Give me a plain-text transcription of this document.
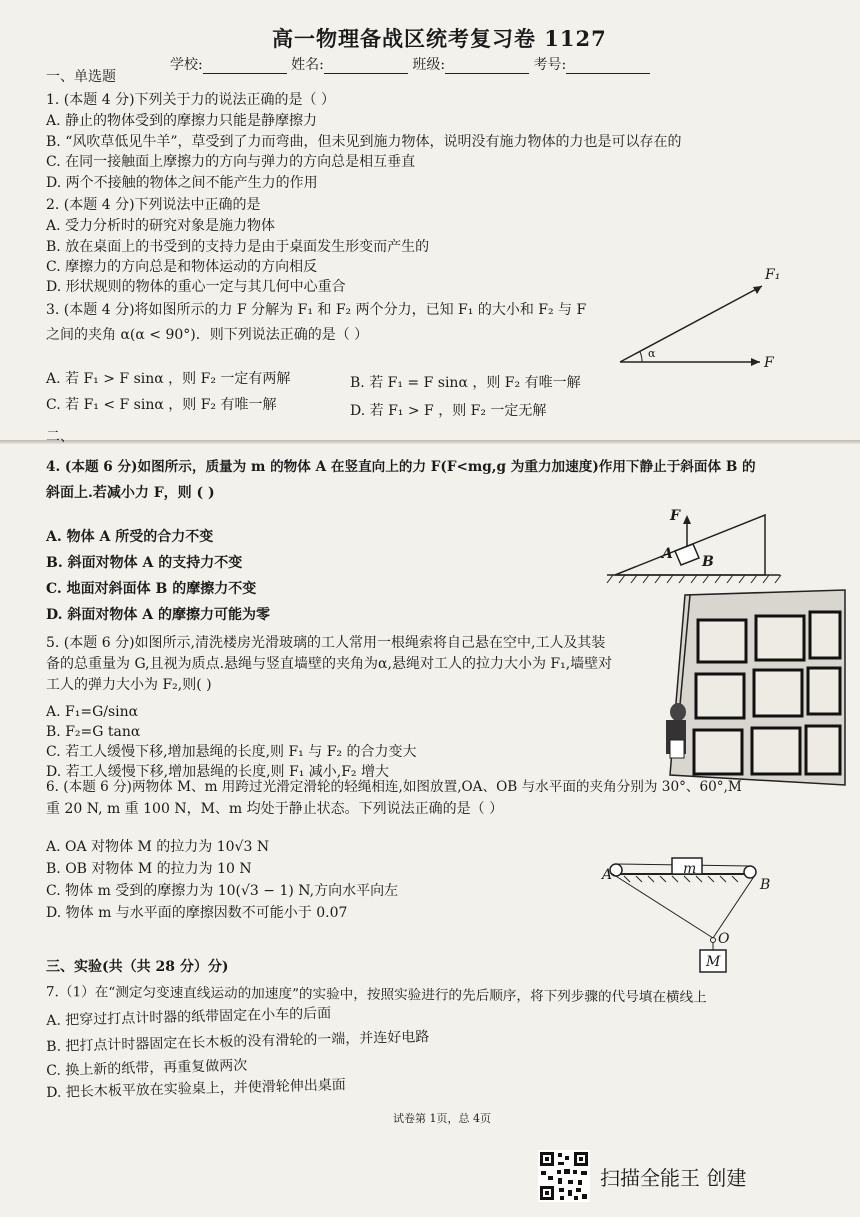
高一物理备战区统考复习卷 1127
学校:	姓名:	班级:	考号:
一、单选题
1. (本题 4 分)下列关于力的说法正确的是（ ）
A. 静止的物体受到的摩擦力只能是静摩擦力
B. “风吹草低见牛羊”，草受到了力而弯曲，但未见到施力物体，说明没有施力物体的力也是可以存在的
C. 在同一接触面上摩擦力的方向与弹力的方向总是相互垂直
D. 两个不接触的物体之间不能产生力的作用
2. (本题 4 分)下列说法中正确的是
A. 受力分析时的研究对象是施力物体
B. 放在桌面上的书受到的支持力是由于桌面发生形变而产生的
C. 摩擦力的方向总是和物体运动的方向相反
D. 形状规则的物体的重心一定与其几何中心重合
3. (本题 4 分)将如图所示的力 F 分解为 F₁ 和 F₂ 两个分力，已知 F₁ 的大小和 F₂ 与 F
之间的夹角 α(α < 90°)．则下列说法正确的是（ ）
A. 若 F₁ > F sinα ，则 F₂ 一定有两解	B. 若 F₁ = F sinα ，则 F₂ 有唯一解
C. 若 F₁ < F sinα ，则 F₂ 有唯一解	D. 若 F₁ > F ，则 F₂ 一定无解
F₁
F
α
二、
4. (本题 6 分)如图所示，质量为 m 的物体 A 在竖直向上的力 F(F<mg,g 为重力加速度)作用下静止于斜面体 B 的
斜面上.若减小力 F，则 ( )
A. 物体 A 所受的合力不变
B. 斜面对物体 A 的支持力不变
C. 地面对斜面体 B 的摩擦力不变
D. 斜面对物体 A 的摩擦力可能为零
F
A B
5. (本题 6 分)如图所示,清洗楼房光滑玻璃的工人常用一根绳索将自己悬在空中,工人及其装
备的总重量为 G,且视为质点.悬绳与竖直墙壁的夹角为α,悬绳对工人的拉力大小为 F₁,墙壁对
工人的弹力大小为 F₂,则( )
A. F₁=G/sinα
B. F₂=G tanα
C. 若工人缓慢下移,增加悬绳的长度,则 F₁ 与 F₂ 的合力变大
D. 若工人缓慢下移,增加悬绳的长度,则 F₁ 减小,F₂ 增大
6. (本题 6 分)两物体 M、m 用跨过光滑定滑轮的轻绳相连,如图放置,OA、OB 与水平面的夹角分别为 30°、60°,M
重 20 N, m 重 100 N，M、m 均处于静止状态。下列说法正确的是（ ）
A. OA 对物体 M 的拉力为 10√3 N
B. OB 对物体 M 的拉力为 10 N
C. 物体 m 受到的摩擦力为 10(√3 − 1) N,方向水平向左
D. 物体 m 与水平面的摩擦因数不可能小于 0.07
A
B
O
m
M
三、实验(共（共 28 分）分)
7.（1）在“测定匀变速直线运动的加速度”的实验中，按照实验进行的先后顺序，将下列步骤的代号填在横线上
A. 把穿过打点计时器的纸带固定在小车的后面
B. 把打点计时器固定在长木板的没有滑轮的一端，并连好电路
C. 换上新的纸带，再重复做两次
D. 把长木板平放在实验桌上，并使滑轮伸出桌面
试卷第 1页，总 4页
扫描全能王 创建
